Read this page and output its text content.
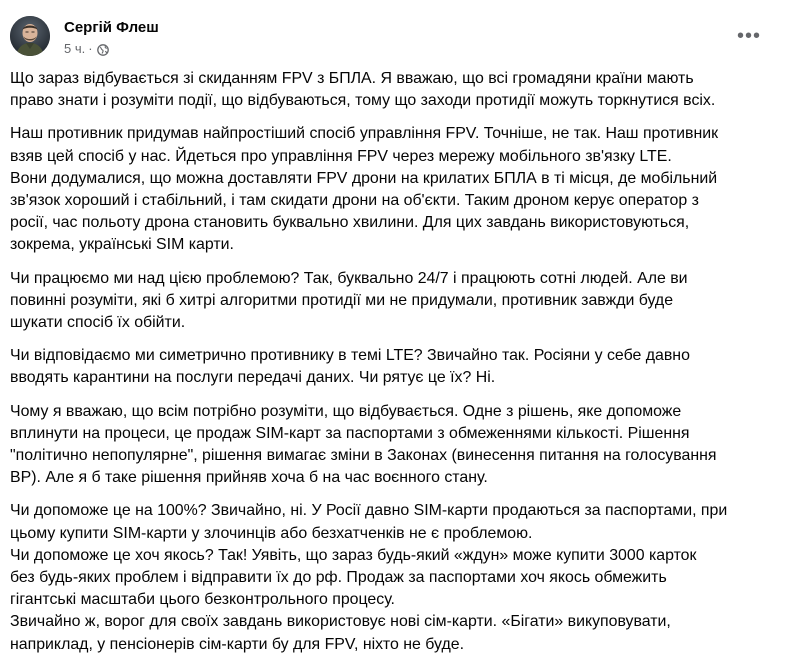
Сергій Флеш
5 ч. ·
•••

Що зараз відбувається зі скиданням FPV з БПЛА. Я вважаю, що всі громадяни країни мають
право знати і розуміти події, що відбуваються, тому що заходи протидії можуть торкнутися всіх.

Наш противник придумав найпростіший спосіб управління FPV. Точніше, не так. Наш противник
взяв цей спосіб у нас. Йдеться про управління FPV через мережу мобільного зв'язку LTE.
Вони додумалися, що можна доставляти FPV дрони на крилатих БПЛА в ті місця, де мобільний
зв'язок хороший і стабільний, і там скидати дрони на об'єкти. Таким дроном керує оператор з
росії, час польоту дрона становить буквально хвилини. Для цих завдань використовуються,
зокрема, українські SIM карти.

Чи працюємо ми над цією проблемою? Так, буквально 24/7 і працюють сотні людей. Але ви
повинні розуміти, які б хитрі алгоритми протидії ми не придумали, противник завжди буде
шукати спосіб їх обійти.

Чи відповідаємо ми симетрично противнику в темі LTE? Звичайно так. Росіяни у себе давно
вводять карантини на послуги передачі даних. Чи рятує це їх? Ні.

Чому я вважаю, що всім потрібно розуміти, що відбувається. Одне з рішень, яке допоможе
вплинути на процеси, це продаж SIM-карт за паспортами з обмеженнями кількості. Рішення
"політично непопулярне", рішення вимагає зміни в Законах (винесення питання на голосування
ВР). Але я б таке рішення прийняв хоча б на час воєнного стану.

Чи допоможе це на 100%? Звичайно, ні. У Росії давно SIM-карти продаються за паспортами, при
цьому купити SIM-карти у злочинців або безхатченків не є проблемою.
Чи допоможе це хоч якось? Так! Уявіть, що зараз будь-який «ждун» може купити 3000 карток
без будь-яких проблем і відправити їх до рф. Продаж за паспортами хоч якось обмежить
гігантські масштаби цього безконтрольного процесу.
Звичайно ж, ворог для своїх завдань використовує нові сім-карти. «Бігати» викуповувати,
наприклад, у пенсіонерів сім-карти бу для FPV, ніхто не буде.
